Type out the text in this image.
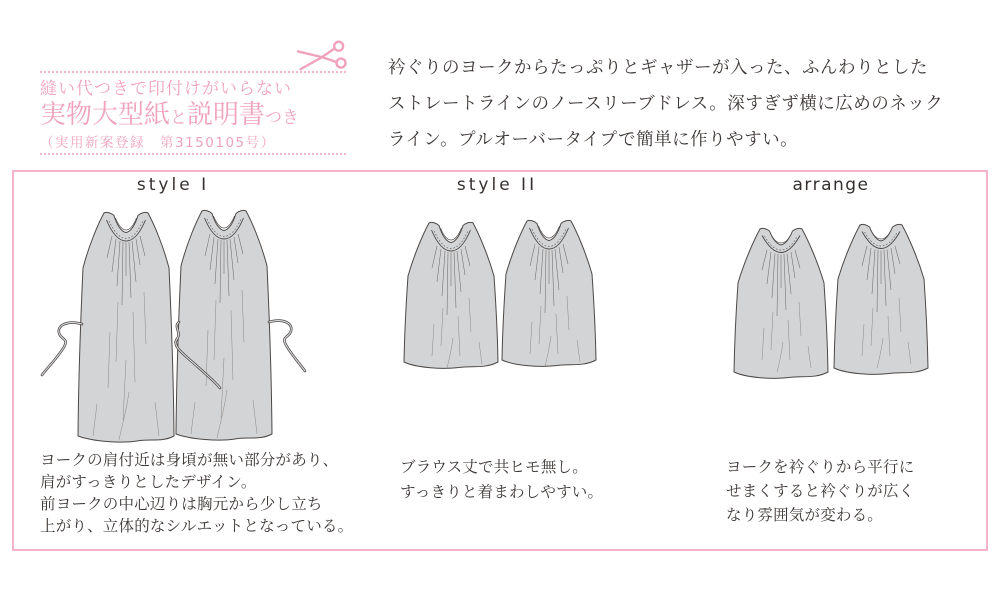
縫い代つきで印付けがいらない
実物大型紙と説明書つき
（実用新案登録　第3150105号）
衿ぐりのヨークからたっぷりとギャザーが入った、ふんわりとした
ストレートラインのノースリーブドレス。深すぎず横に広めのネック
ライン。プルオーバータイプで簡単に作りやすい。
style I	style II	arrange
ヨークの肩付近は身頃が無い部分があり、
肩がすっきりとしたデザイン。
前ヨークの中心辺りは胸元から少し立ち
上がり、立体的なシルエットとなっている。
ブラウス丈で共ヒモ無し。
すっきりと着まわしやすい。
ヨークを衿ぐりから平行に
せまくすると衿ぐりが広く
なり雰囲気が変わる。
